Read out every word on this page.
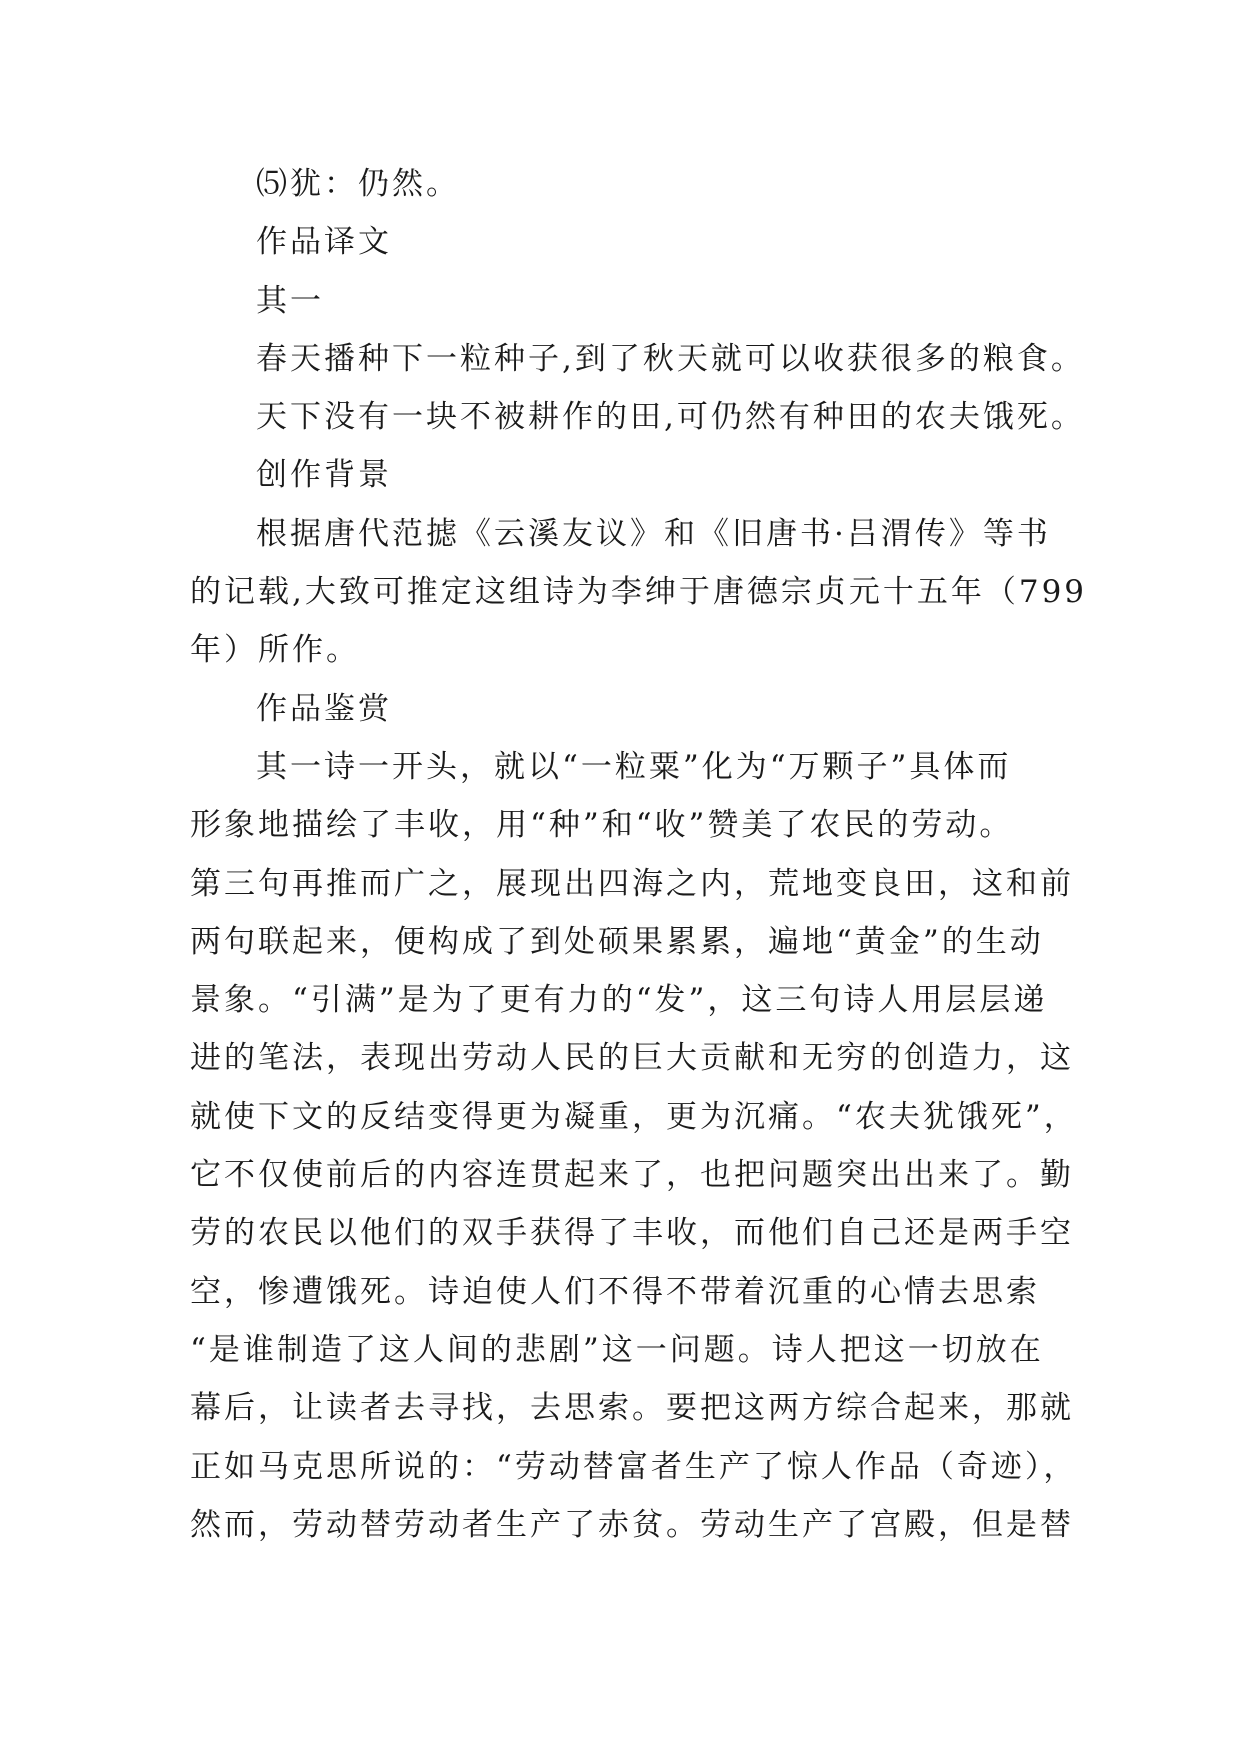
⑸犹：仍然。

作品译文

其一

春天播种下一粒种子,到了秋天就可以收获很多的粮食。

天下没有一块不被耕作的田,可仍然有种田的农夫饿死。

创作背景

根据唐代范摅《云溪友议》和《旧唐书·吕渭传》等书

的记载,大致可推定这组诗为李绅于唐德宗贞元十五年（799

年）所作。

作品鉴赏

其一诗一开头，就以“一粒粟”化为“万颗子”具体而

形象地描绘了丰收，用“种”和“收”赞美了农民的劳动。

第三句再推而广之，展现出四海之内，荒地变良田，这和前

两句联起来，便构成了到处硕果累累，遍地“黄金”的生动

景象。“引满”是为了更有力的“发”，这三句诗人用层层递

进的笔法，表现出劳动人民的巨大贡献和无穷的创造力，这

就使下文的反结变得更为凝重，更为沉痛。“农夫犹饿死”，

它不仅使前后的内容连贯起来了，也把问题突出出来了。勤

劳的农民以他们的双手获得了丰收，而他们自己还是两手空

空，惨遭饿死。诗迫使人们不得不带着沉重的心情去思索

“是谁制造了这人间的悲剧”这一问题。诗人把这一切放在

幕后，让读者去寻找，去思索。要把这两方综合起来，那就

正如马克思所说的：“劳动替富者生产了惊人作品（奇迹），

然而，劳动替劳动者生产了赤贫。劳动生产了宫殿，但是替
